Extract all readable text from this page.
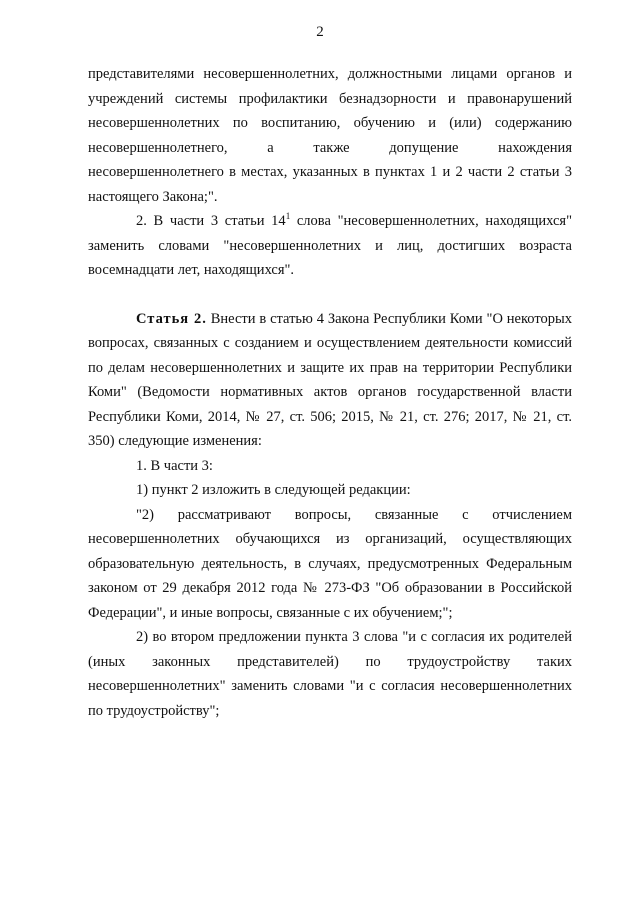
2
представителями несовершеннолетних, должностными лицами органов и
учреждений системы профилактики безнадзорности и правонарушений
несовершеннолетних по воспитанию, обучению и (или) содержанию
несовершеннолетнего, а также допущение нахождения
несовершеннолетнего в местах, указанных в пунктах 1 и 2 части 2 статьи 3
настоящего Закона;".

2. В части 3 статьи $14^1$ слова "несовершеннолетних, находящихся" заменить словами "несовершеннолетних и лиц, достигших возраста восемнадцати лет, находящихся".

Статья 2. Внести в статью 4 Закона Республики Коми "О некоторых вопросах, связанных с созданием и осуществлением деятельности комиссий по делам несовершеннолетних и защите их прав на территории Республики Коми" (Ведомости нормативных актов органов государственной власти Республики Коми, 2014, № 27, ст. 506; 2015, № 21, ст. 276; 2017, № 21, ст. 350) следующие изменения:

1. В части 3:

1) пункт 2 изложить в следующей редакции:

"2) рассматривают вопросы, связанные с отчислением несовершеннолетних обучающихся из организаций, осуществляющих образовательную деятельность, в случаях, предусмотренных Федеральным законом от 29 декабря 2012 года № 273-ФЗ "Об образовании в Российской Федерации", и иные вопросы, связанные с их обучением;";

2) во втором предложении пункта 3 слова "и с согласия их родителей (иных законных представителей) по трудоустройству таких несовершеннолетних" заменить словами "и с согласия несовершеннолетних по трудоустройству";
